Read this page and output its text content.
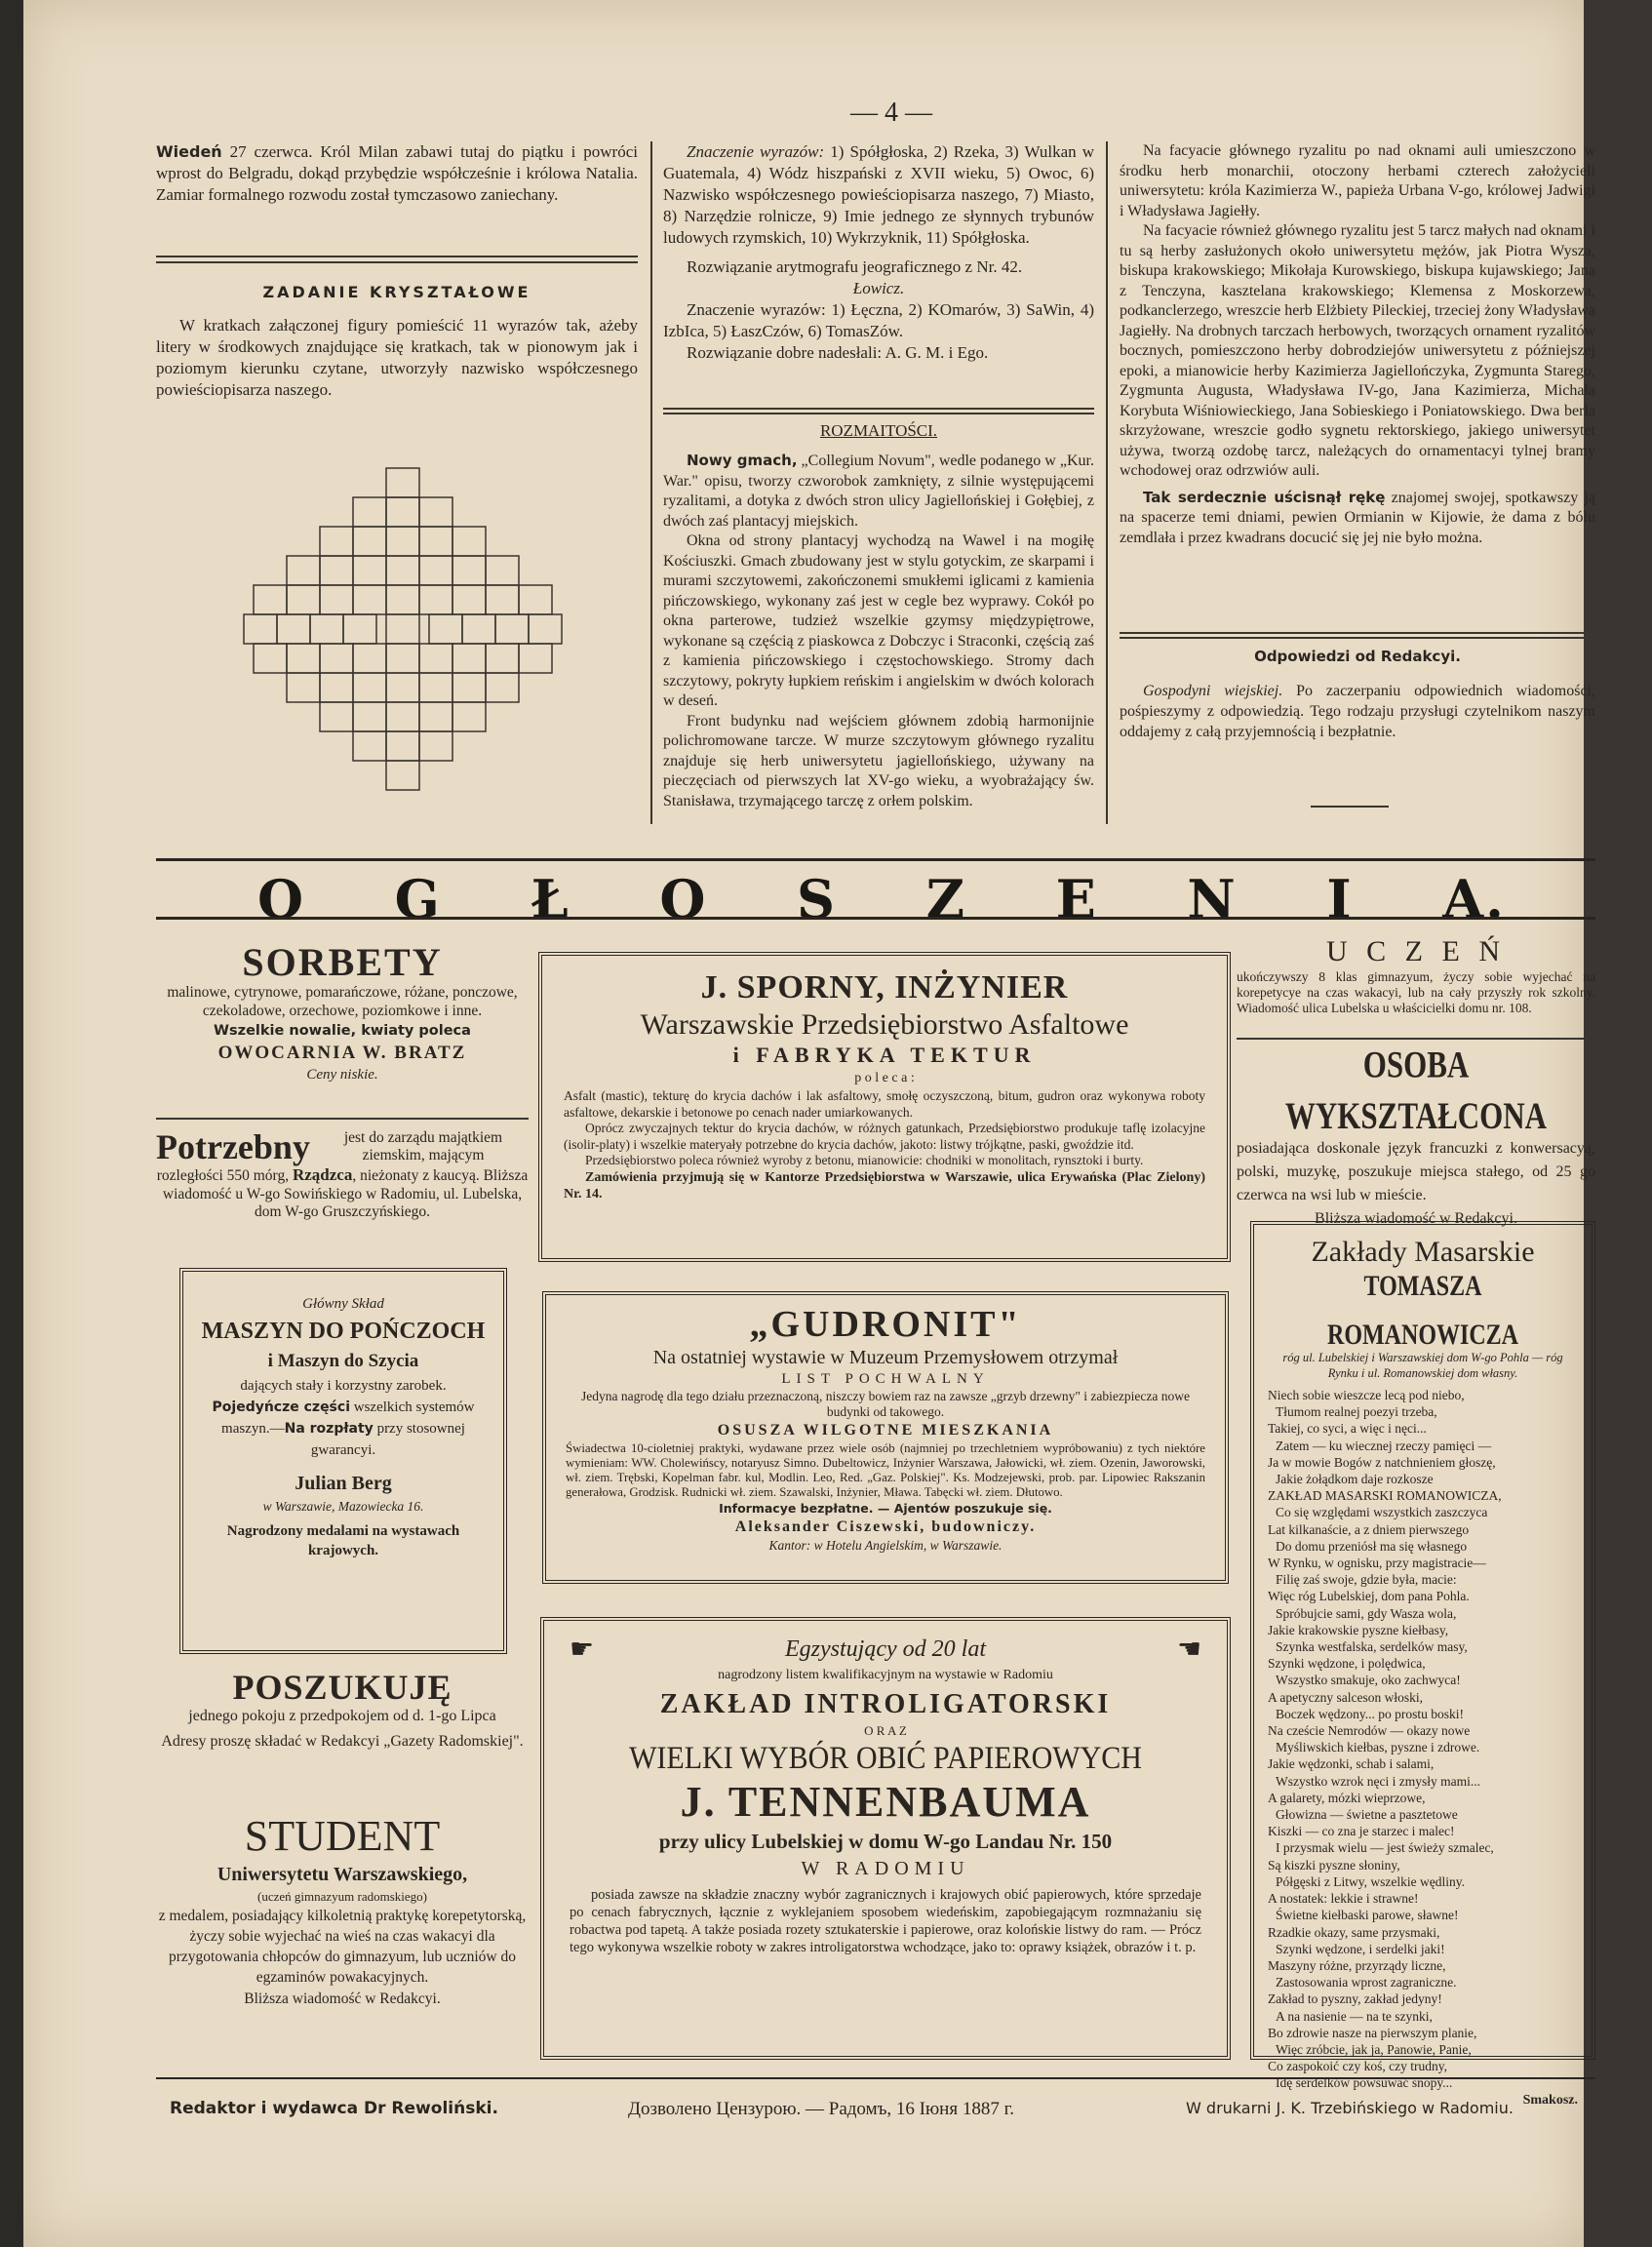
— 4 —

Wiedeń 27 czerwca. Król Milan zabawi tutaj do piątku i powróci wprost do Belgradu, dokąd przybędzie współcześnie i królowa Natalia. Zamiar formalnego rozwodu został tymczasowo zaniechany.

ZADANIE KRYSZTAŁOWE

W kratkach załączonej figury pomieścić 11 wyrazów tak, ażeby litery w środkowych znajdujące się kratkach, tak w pionowym jak i poziomym kierunku czytane, utworzyły nazwisko współczesnego powieściopisarza naszego.

Znaczenie wyrazów: 1) Spółgłoska, 2) Rzeka, 3) Wulkan w Guatemala, 4) Wódz hiszpański z XVII wieku, 5) Owoc, 6) Nazwisko współczesnego powieściopisarza naszego, 7) Miasto, 8) Narzędzie rolnicze, 9) Imie jednego ze słynnych trybunów ludowych rzymskich, 10) Wykrzyknik, 11) Spółgłoska.

Rozwiązanie arytmografu jeograficznego z Nr. 42.

Łowicz.

Znaczenie wyrazów: 1) Łęczna, 2) KOmarów, 3) SaWin, 4) IzbIca, 5) ŁaszCzów, 6) TomasZów.

Rozwiązanie dobre nadesłali: A. G. M. i Ego.

ROZMAITOŚCI.

Nowy gmach, „Collegium Novum", wedle podanego w „Kur. War." opisu, tworzy czworobok zamknięty, z silnie występującemi ryzalitami, a dotyka z dwóch stron ulicy Jagiellońskiej i Gołębiej, z dwóch zaś plantacyj miejskich.

Okna od strony plantacyj wychodzą na Wawel i na mogiłę Kościuszki. Gmach zbudowany jest w stylu gotyckim, ze skarpami i murami szczytowemi, zakończonemi smukłemi iglicami z kamienia pińczowskiego, wykonany zaś jest w cegle bez wyprawy. Cokół po okna parterowe, tudzież wszelkie gzymsy międzypiętrowe, wykonane są częścią z piaskowca z Dobczyc i Straconki, częścią zaś z kamienia pińczowskiego i częstochowskiego. Stromy dach szczytowy, pokryty łupkiem reńskim i angielskim w dwóch kolorach w deseń.

Front budynku nad wejściem głównem zdobią harmonijnie polichromowane tarcze. W murze szczytowym głównego ryzalitu znajduje się herb uniwersytetu jagiellońskiego, używany na pieczęciach od pierwszych lat XV-go wieku, a wyobrażający św. Stanisława, trzymającego tarczę z orłem polskim.

Na facyacie głównego ryzalitu po nad oknami auli umieszczono w środku herb monarchii, otoczony herbami czterech założycieli uniwersytetu: króla Kazimierza W., papieża Urbana V-go, królowej Jadwigi i Władysława Jagiełły.

Na facyacie również głównego ryzalitu jest 5 tarcz małych nad oknami i tu są herby zasłużonych około uniwersytetu mężów, jak Piotra Wysza, biskupa krakowskiego; Mikołaja Kurowskiego, biskupa kujawskiego; Jana z Tenczyna, kasztelana krakowskiego; Klemensa z Moskorzewa, podkanclerzego, wreszcie herb Elżbiety Pileckiej, trzeciej żony Władysława Jagiełły. Na drobnych tarczach herbowych, tworzących ornament ryzalitów bocznych, pomieszczono herby dobrodziejów uniwersytetu z późniejszej epoki, a mianowicie herby Kazimierza Jagiellończyka, Zygmunta Starego, Zygmunta Augusta, Władysława IV-go, Jana Kazimierza, Michała Korybuta Wiśniowieckiego, Jana Sobieskiego i Poniatowskiego. Dwa berła skrzyżowane, wreszcie godło sygnetu rektorskiego, jakiego uniwersytet używa, tworzą ozdobę tarcz, należących do ornamentacyi tylnej bramy wchodowej oraz odrzwiów auli.

Tak serdecznie uścisnął rękę znajomej swojej, spotkawszy ją na spacerze temi dniami, pewien Ormianin w Kijowie, że dama z bólu zemdlała i przez kwadrans docucić się jej nie było można.

Odpowiedzi od Redakcyi.

Gospodyni wiejskiej. Po zaczerpaniu odpowiednich wiadomości, pośpieszymy z odpowiedzią. Tego rodzaju przysługi czytelnikom naszym oddajemy z całą przyjemnością i bezpłatnie.

O G Ł O S Z E N I A.
SORBETY
malinowe, cytrynowe, pomarańczowe, różane, ponczowe, czekoladowe, orzechowe, poziomkowe i inne.
Wszelkie nowalie, kwiaty poleca
OWOCARNIA W. BRATZ
Ceny niskie.
Potrzebny	jest do zarządu majątkiem ziemskim, mającym

rozległości 550 mórg, Rządzca, nieżonaty z kaucyą. Bliższa wiadomość u W-go Sowińskiego w Radomiu, ul. Lubelska, dom W-go Gruszczyńskiego.

Główny Skład
MASZYN DO POŃCZOCH
i Maszyn do Szycia
dających stały i korzystny zarobek.

Pojedyńcze części wszelkich systemów maszyn.—Na rozpłaty przy stosownej gwarancyi.

Julian Berg
w Warszawie, Mazowiecka 16.
Nagrodzony medalami na wystawach krajowych.
POSZUKUJĘ
jednego pokoju z przedpokojem od d. 1-go Lipca
Adresy proszę składać w Redakcyi „Gazety Radomskiej".
STUDENT
Uniwersytetu Warszawskiego,
(uczeń gimnazyum radomskiego)
z medalem, posiadający kilkoletnią praktykę korepetytorską, życzy sobie wyjechać na wieś na czas wakacyi dla przygotowania chłopców do gimnazyum, lub uczniów do egzaminów powakacyjnych.
Bliższa wiadomość w Redakcyi.
J. SPORNY, INŻYNIER
Warszawskie Przedsiębiorstwo Asfaltowe
i FABRYKA TEKTUR
p o l e c a :

Asfalt (mastic), tekturę do krycia dachów i lak asfaltowy, smołę oczyszczoną, bitum, gudron oraz wykonywa roboty asfaltowe, dekarskie i betonowe po cenach nader umiarkowanych.

Oprócz zwyczajnych tektur do krycia dachów, w różnych gatunkach, Przedsiębiorstwo produkuje taflę izolacyjne (isolir-platy) i wszelkie materyały potrzebne do krycia dachów, jakoto: listwy trójkątne, paski, gwoździe itd.

Przedsiębiorstwo poleca również wyroby z betonu, mianowicie: chodniki w monolitach, rynsztoki i burty.

Zamówienia przyjmują się w Kantorze Przedsiębiorstwa w Warszawie, ulica Erywańska (Plac Zielony) Nr. 14.

„GUDRONIT"
Na ostatniej wystawie w Muzeum Przemysłowem otrzymał
LIST POCHWALNY

Jedyna nagrodę dla tego działu przeznaczoną, niszczy bowiem raz na zawsze „grzyb drzewny" i zabiezpiecza nowe budynki od takowego.

OSUSZA WILGOTNE MIESZKANIA

Świadectwa 10-cioletniej praktyki, wydawane przez wiele osób (najmniej po trzechletniem wypróbowaniu) z tych niektóre wymieniam: WW. Cholewińscy, notaryusz Simno. Dubeltowicz, Inżynier Warszawa, Jałowicki, wł. ziem. Ozenin, Jaworowski, wł. ziem. Trębski, Kopelman fabr. kul, Modlin. Leo, Red. „Gaz. Polskiej". Ks. Modzejewski, prob. par. Lipowiec Rakszanin generałowa, Grodzisk. Rudnicki wł. ziem. Szawalski, Inżynier, Mława. Tabęcki wł. ziem. Dłutowo.

Informacye bezpłatne. — Ajentów poszukuje się.
Aleksander Ciszewski, budowniczy.
Kantor: w Hotelu Angielskim, w Warszawie.
☛	Egzystujący od 20 lat	☛
nagrodzony listem kwalifikacyjnym na wystawie w Radomiu
ZAKŁAD INTROLIGATORSKI
O R A Z
WIELKI WYBÓR OBIĆ PAPIEROWYCH
J. TENNENBAUMA
przy ulicy Lubelskiej w domu W-go Landau Nr. 150
W RADOMIU

posiada zawsze na składzie znaczny wybór zagranicznych i krajowych obić papierowych, które sprzedaje po cenach fabrycznych, łącznie z wyklejaniem sposobem wiedeńskim, zapobiegającym rozmnażaniu się robactwa pod tapetą. A także posiada rozety sztukaterskie i papierowe, oraz kolońskie listwy do ram. — Prócz tego wykonywa wszelkie roboty w zakres introligatorstwa wchodzące, jako to: oprawy książek, obrazów i t. p.

U C Z E Ń

ukończywszy 8 klas gimnazyum, życzy sobie wyjechać na korepetycye na czas wakacyi, lub na cały przyszły rok szkolny. Wiadomość ulica Lubelska u właścicielki domu nr. 108.

OSOBA WYKSZTAŁCONA

posiadająca doskonale język francuzki z konwersacyą, polski, muzykę, poszukuje miejsca stałego, od 25 go czerwca na wsi lub w mieście.

Bliższa wiadomość w Redakcyi.
Zakłady Masarskie
TOMASZA ROMANOWICZA
róg ul. Lubelskiej i Warszawskiej dom W-go Pohla — róg Rynku i ul. Romanowskiej dom własny.
Niech sobie wieszcze lecą pod niebo,
Tłumom realnej poezyi trzeba,
Takiej, co syci, a więc i nęci...
Zatem — ku wiecznej rzeczy pamięci —
Ja w mowie Bogów z natchnieniem głoszę,
Jakie żołądkom daje rozkosze
ZAKŁAD MASARSKI ROMANOWICZA,
Co się względami wszystkich zaszczyca
Lat kilkanaście, a z dniem pierwszego
Do domu przeniósł ma się własnego
W Rynku, w ognisku, przy magistracie—
Filię zaś swoje, gdzie była, macie:
Więc róg Lubelskiej, dom pana Pohla.
Spróbujcie sami, gdy Wasza wola,
Jakie krakowskie pyszne kiełbasy,
Szynka westfalska, serdelków masy,
Szynki wędzone, i polędwica,
Wszystko smakuje, oko zachwyca!
A apetyczny salceson włoski,
Boczek wędzony... po prostu boski!
Na czeście Nemrodów — okazy nowe
Myśliwskich kiełbas, pyszne i zdrowe.
Jakie wędzonki, schab i salami,
Wszystko wzrok nęci i zmysły mami...
A galarety, mózki wieprzowe,
Głowizna — świetne a pasztetowe
Kiszki — co zna je starzec i malec!
I przysmak wielu — jest świeży szmalec,
Są kiszki pyszne słoniny,
Półgęski z Litwy, wszelkie wędliny.
A nostatek: lekkie i strawne!
Świetne kiełbaski parowe, sławne!
Rzadkie okazy, same przysmaki,
Szynki wędzone, i serdelki jaki!
Maszyny różne, przyrządy liczne,
Zastosowania wprost zagraniczne.
Zakład to pyszny, zakład jedyny!
A na nasienie — na te szynki,
Bo zdrowie nasze na pierwszym planie,
Więc zróbcie, jak ja, Panowie, Panie,
Co zaspokoić czy koś, czy trudny,
Idę serdelków powsuwać snopy...
Smakosz.
Redaktor i wydawca Dr Rewoliński.	Дозволено Цензурою. — Радомъ, 16 Іюня 1887 г.	W drukarni J. K. Trzebińskiego w Radomiu.
